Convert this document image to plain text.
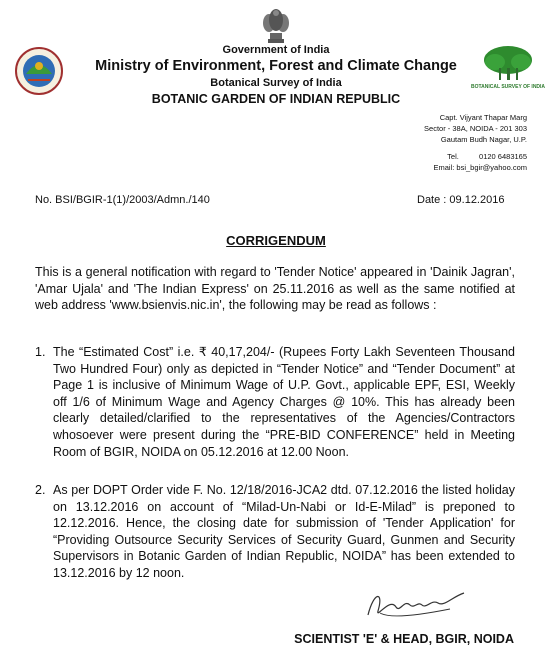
BOTANICAL SURVEY OF INDIA
Government of India
Ministry of Environment, Forest and Climate Change
Botanical Survey of India
BOTANIC GARDEN OF INDIAN REPUBLIC
Capt. Vijyant Thapar Marg
Sector - 38A, NOIDA - 201 303
Gautam Budh Nagar, U.P.
Tel.	0120 6483165
Email: bsi_bgir@yahoo.com
No. BSI/BGIR-1(1)/2003/Admn./140	Date : 09.12.2016
CORRIGENDUM
This is a general notification with regard to 'Tender Notice' appeared in 'Dainik Jagran', 'Amar Ujala' and 'The Indian Express' on 25.11.2016 as well as the same notified at web address 'www.bsienvis.nic.in', the following may be read as follows :
1. The “Estimated Cost” i.e. ₹ 40,17,204/- (Rupees Forty Lakh Seventeen Thousand Two Hundred Four) only as depicted in “Tender Notice” and “Tender Document” at Page 1 is inclusive of Minimum Wage of U.P. Govt., applicable EPF, ESI, Weekly off 1/6 of Minimum Wage and Agency Charges @ 10%. This has already been clearly detailed/clarified to the representatives of the Agencies/Contractors whosoever were present during the “PRE-BID CONFERENCE” held in Meeting Room of BGIR, NOIDA on 05.12.2016 at 12.00 Noon.
2. As per DOPT Order vide F. No. 12/18/2016-JCA2 dtd. 07.12.2016 the listed holiday on 13.12.2016 on account of “Milad-Un-Nabi or Id-E-Milad” is preponed to 12.12.2016. Hence, the closing date for submission of 'Tender Application' for “Providing Outsource Security Services of Security Guard, Gunmen and Security Supervisors in Botanic Garden of Indian Republic, NOIDA” has been extended to 13.12.2016 by 12 noon.
SCIENTIST 'E' & HEAD, BGIR, NOIDA
